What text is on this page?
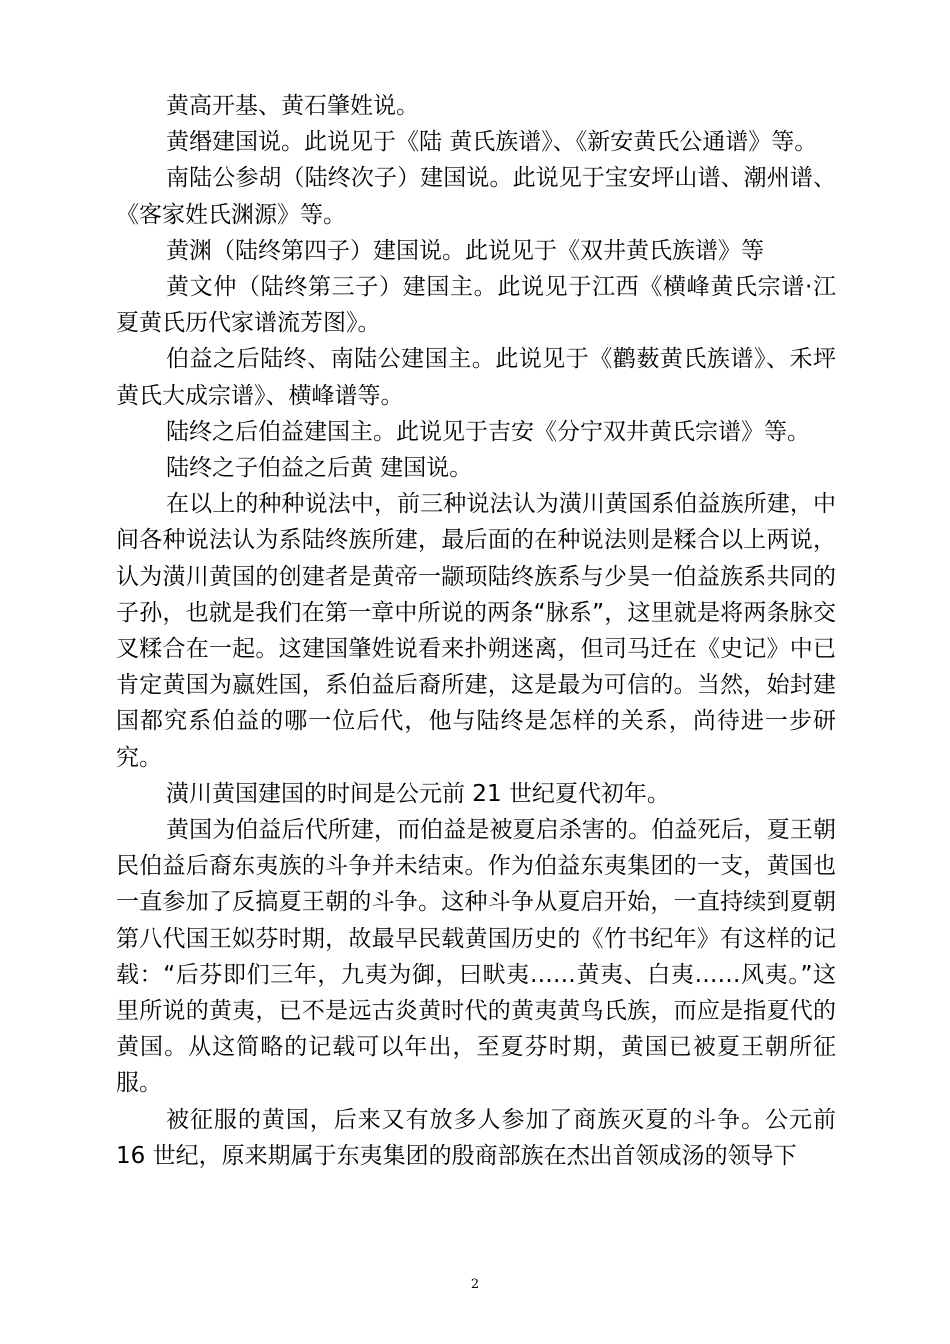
黄高开基、黄石肇姓说。

黄缗建国说。此说见于《陆 黄氏族谱》、《新安黄氏公通谱》等。

南陆公参胡（陆终次子）建国说。此说见于宝安坪山谱、潮州谱、《客家姓氏渊源》等。

黄渊（陆终第四子）建国说。此说见于《双井黄氏族谱》等

黄文仲（陆终第三子）建国主。此说见于江西《横峰黄氏宗谱·江夏黄氏历代家谱流芳图》。

伯益之后陆终、南陆公建国主。此说见于《鹳薮黄氏族谱》、禾坪黄氏大成宗谱》、横峰谱等。

陆终之后伯益建国主。此说见于吉安《分宁双井黄氏宗谱》等。

陆终之子伯益之后黄 建国说。

在以上的种种说法中，前三种说法认为潢川黄国系伯益族所建，中间各种说法认为系陆终族所建，最后面的在种说法则是糅合以上两说，认为潢川黄国的创建者是黄帝一颛顼陆终族系与少昊一伯益族系共同的子孙，也就是我们在第一章中所说的两条“脉系”，这里就是将两条脉交叉糅合在一起。这建国肇姓说看来扑朔迷离，但司马迁在《史记》中已肯定黄国为嬴姓国，系伯益后裔所建，这是最为可信的。当然，始封建国都究系伯益的哪一位后代，他与陆终是怎样的关系，尚待进一步研究。

潢川黄国建国的时间是公元前 21 世纪夏代初年。

黄国为伯益后代所建，而伯益是被夏启杀害的。伯益死后，夏王朝民伯益后裔东夷族的斗争并未结束。作为伯益东夷集团的一支，黄国也一直参加了反搞夏王朝的斗争。这种斗争从夏启开始，一直持续到夏朝第八代国王姒芬时期，故最早民载黄国历史的《竹书纪年》有这样的记载：“后芬即们三年，九夷为御，曰畎夷……黄夷、白夷……风夷。”这里所说的黄夷，已不是远古炎黄时代的黄夷黄鸟氏族，而应是指夏代的黄国。从这简略的记载可以年出，至夏芬时期，黄国已被夏王朝所征服。

被征服的黄国，后来又有放多人参加了商族灭夏的斗争。公元前 16 世纪，原来期属于东夷集团的殷商部族在杰出首领成汤的领导下

2
